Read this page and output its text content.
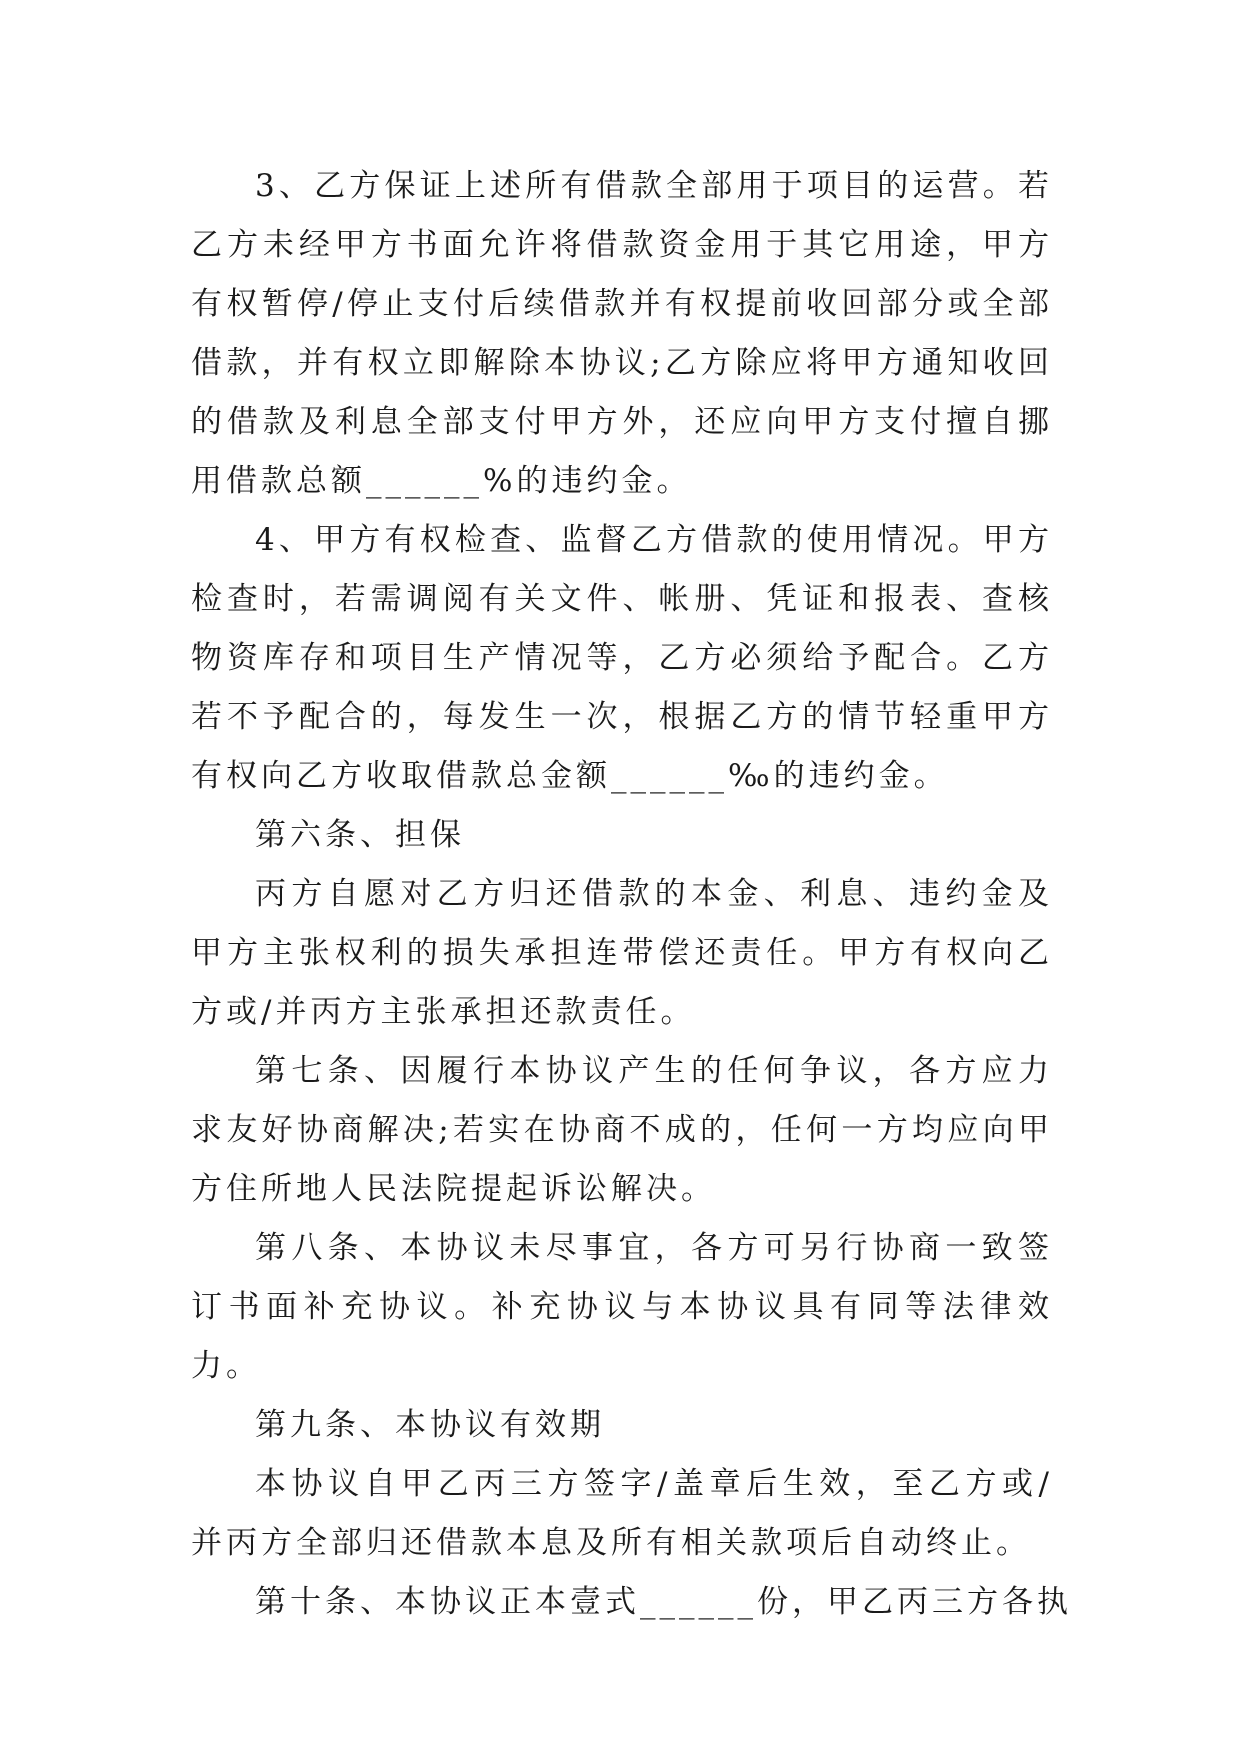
3、乙方保证上述所有借款全部用于项目的运营。若乙方未经甲方书面允许将借款资金用于其它用途，甲方有权暂停/停止支付后续借款并有权提前收回部分或全部借款，并有权立即解除本协议;乙方除应将甲方通知收回的借款及利息全部支付甲方外，还应向甲方支付擅自挪用借款总额______%的违约金。

4、甲方有权检查、监督乙方借款的使用情况。甲方检查时，若需调阅有关文件、帐册、凭证和报表、查核物资库存和项目生产情况等，乙方必须给予配合。乙方若不予配合的，每发生一次，根据乙方的情节轻重甲方有权向乙方收取借款总金额______‰的违约金。

第六条、担保

丙方自愿对乙方归还借款的本金、利息、违约金及甲方主张权利的损失承担连带偿还责任。甲方有权向乙方或/并丙方主张承担还款责任。

第七条、因履行本协议产生的任何争议，各方应力求友好协商解决;若实在协商不成的，任何一方均应向甲方住所地人民法院提起诉讼解决。

第八条、本协议未尽事宜，各方可另行协商一致签订书面补充协议。补充协议与本协议具有同等法律效力。

第九条、本协议有效期

本协议自甲乙丙三方签字/盖章后生效，至乙方或/并丙方全部归还借款本息及所有相关款项后自动终止。

第十条、本协议正本壹式______份，甲乙丙三方各执
